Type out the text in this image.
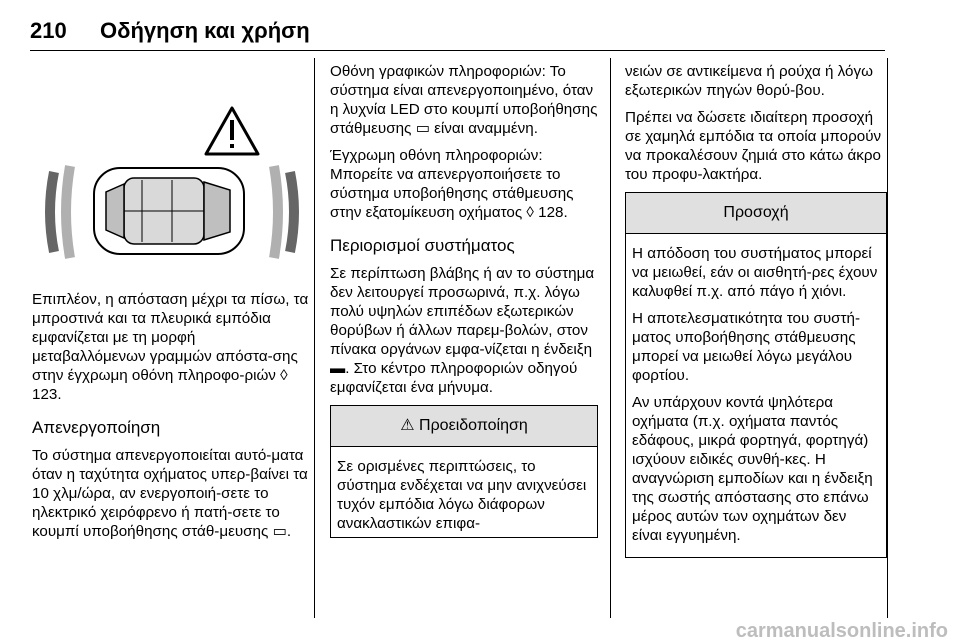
210 Οδήγηση και χρήση

Επιπλέον, η απόσταση μέχρι τα πίσω, τα μπροστινά και τα πλευρικά εμπόδια εμφανίζεται με τη μορφή μεταβαλλόμενων γραμμών απόστα-σης στην έγχρωμη οθόνη πληροφο-ριών ◊ 123.

Απενεργοποίηση

Το σύστημα απενεργοποιείται αυτό-ματα όταν η ταχύτητα οχήματος υπερ-βαίνει τα 10 χλμ/ώρα, αν ενεργοποιή-σετε το ηλεκτρικό χειρόφρενο ή πατή-σετε το κουμπί υποβοήθησης στάθ-μευσης ▭.

Οθόνη γραφικών πληροφοριών: Το σύστημα είναι απενεργοποιημένο, όταν η λυχνία LED στο κουμπί υποβοήθησης στάθμευσης ▭ είναι αναμμένη.

Έγχρωμη οθόνη πληροφοριών: Μπορείτε να απενεργοποιήσετε το σύστημα υποβοήθησης στάθμευσης στην εξατομίκευση οχήματος ◊ 128.

Περιορισμοί συστήματος

Σε περίπτωση βλάβης ή αν το σύστημα δεν λειτουργεί προσωρινά, π.χ. λόγω πολύ υψηλών επιπέδων εξωτερικών θορύβων ή άλλων παρεμ-βολών, στον πίνακα οργάνων εμφα-νίζεται η ένδειξη ▬. Στο κέντρο πληροφοριών οδηγού εμφανίζεται ένα μήνυμα.

⚠ Προειδοποίηση
Σε ορισμένες περιπτώσεις, το σύστημα ενδέχεται να μην ανιχνεύσει τυχόν εμπόδια λόγω διάφορων ανακλαστικών επιφα-

νειών σε αντικείμενα ή ρούχα ή λόγω εξωτερικών πηγών θορύ-βου.

Πρέπει να δώσετε ιδιαίτερη προσοχή σε χαμηλά εμπόδια τα οποία μπορούν να προκαλέσουν ζημιά στο κάτω άκρο του προφυ-λακτήρα.

Προσοχή

Η απόδοση του συστήματος μπορεί να μειωθεί, εάν οι αισθητή-ρες έχουν καλυφθεί π.χ. από πάγο ή χιόνι.

Η αποτελεσματικότητα του συστή-ματος υποβοήθησης στάθμευσης μπορεί να μειωθεί λόγω μεγάλου φορτίου.

Αν υπάρχουν κοντά ψηλότερα οχήματα (π.χ. οχήματα παντός εδάφους, μικρά φορτηγά, φορτηγά) ισχύουν ειδικές συνθή-κες. Η αναγνώριση εμποδίων και η ένδειξη της σωστής απόστασης στο επάνω μέρος αυτών των οχημάτων δεν είναι εγγυημένη.

carmanualsonline.info
